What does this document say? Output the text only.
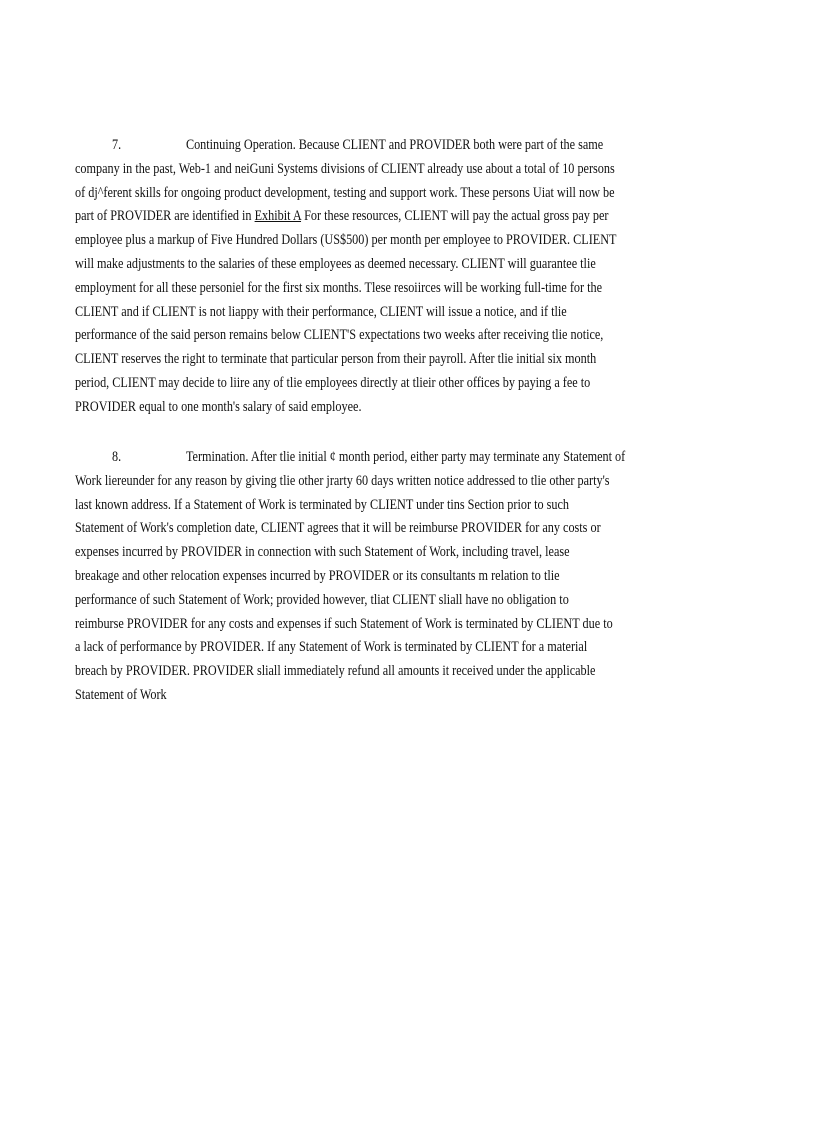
7.	Continuing Operation. Because CLIENT and PROVIDER both were part of the same
company in the past, Web-1 and neiGuni Systems divisions of CLIENT already use about a total of 10 persons
of dj^ferent skills for ongoing product development, testing and support work. These persons Uiat will now be
part of PROVIDER are identified in Exhibit A For these resources, CLIENT will pay the actual gross pay per
employee plus a markup of Five Hundred Dollars (US$500) per month per employee to PROVIDER. CLIENT
will make adjustments to the salaries of these employees as deemed necessary. CLIENT will guarantee tlie
employment for all these personiel for the first six months. Tlese resoiirces will be working full-time for the
CLIENT and if CLIENT is not liappy with their performance, CLIENT will issue a notice, and if tlie
performance of the said person remains below CLIENT'S expectations two weeks after receiving tlie notice,
CLIENT reserves the right to terminate that particular person from their payroll. After tlie initial six month
period, CLIENT may decide to liire any of tlie employees directly at tlieir other offices by paying a fee to
PROVIDER equal to one month's salary of said employee.
8.	Termination. After tlie initial ¢ month period, either party may terminate any Statement of
Work liereunder for any reason by giving tlie other jrarty 60 days written notice addressed to tlie other party's
last known address. If a Statement of Work is terminated by CLIENT under tins Section prior to such
Statement of Work's completion date, CLIENT agrees that it will be reimburse PROVIDER for any costs or
expenses incurred by PROVIDER in connection with such Statement of Work, including travel, lease
breakage and other relocation expenses incurred by PROVIDER or its consultants m relation to tlie
performance of such Statement of Work; provided however, tliat CLIENT sliall have no obligation to
reimburse PROVIDER for any costs and expenses if such Statement of Work is terminated by CLIENT due to
a lack of performance by PROVIDER. If any Statement of Work is terminated by CLIENT for a material
breach by PROVIDER. PROVIDER sliall immediately refund all amounts it received under the applicable
Statement of Work
